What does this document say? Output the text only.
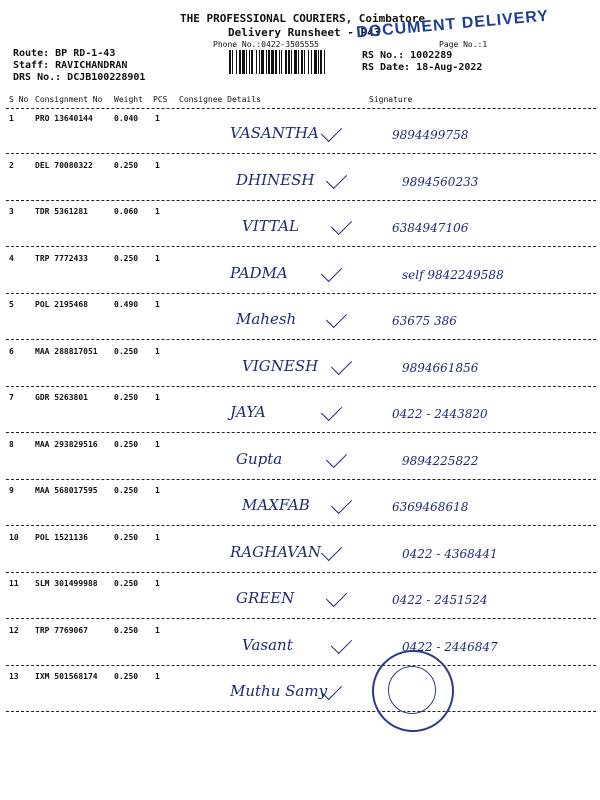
THE PROFESSIONAL COURIERS, Coimbatore
Delivery Runsheet - P43
Phone No.:0422-3505555
DOCUMENT DELIVERY
Page No.:1
RS No.: 1002289
RS Date: 18-Aug-2022
Route: BP RD-1-43
Staff: RAVICHANDRAN
DRS No.: DCJB100228901
S No Consignment No Weight PCS Consignee Details	Signature
1	PRO 13640144	0.040 1
VASANTHA	9894499758
2	DEL 70080322	0.250 1
DHINESH	9894560233
3	TDR 5361281	0.060 1
VITTAL	6384947106
4	TRP 7772433	0.250 1
PADMA	self 9842249588
5	POL 2195468	0.490 1
Mahesh	63675 386
6	MAA 288817051 0.250 1
VIGNESH	9894661856
7	GDR 5263801	0.250 1
JAYA	0422 - 2443820
8	MAA 293829516 0.250 1
Gupta	9894225822
9	MAA 568017595 0.250 1
MAXFAB	6369468618
10 POL 1521136	0.250 1
RAGHAVAN	0422 - 4368441
11 SLM 301499988 0.250 1
GREEN	0422 - 2451524
12 TRP 7769067	0.250 1
Vasant	0422 - 2446847
13 IXM 501568174 0.250 1
Muthu Samy
